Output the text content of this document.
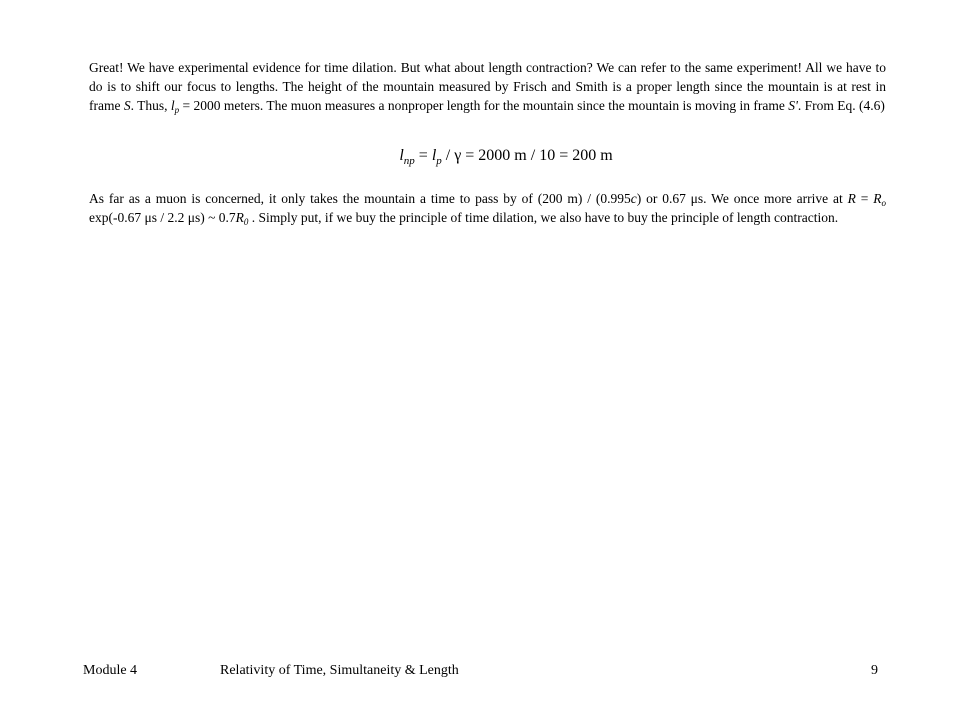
Great! We have experimental evidence for time dilation. But what about length contraction? We can refer to the same experiment! All we have to do is to shift our focus to lengths. The height of the mountain measured by Frisch and Smith is a proper length since the mountain is at rest in frame S. Thus, $l_p = 2000$ meters. The muon measures a nonproper length for the mountain since the mountain is moving in frame S'. From Eq. (4.6)

$l_{np} = l_p / \gamma = 2000$ m / 10 = 200 m

As far as a muon is concerned, it only takes the mountain a time to pass by of (200 m) / (0.995c) or 0.67 μs. We once more arrive at $R = R_o$ exp(-0.67 μs / 2.2 μs) ~ $0.7R_0$ . Simply put, if we buy the principle of time dilation, we also have to buy the principle of length contraction.

Module 4	Relativity of Time, Simultaneity & Length	9
